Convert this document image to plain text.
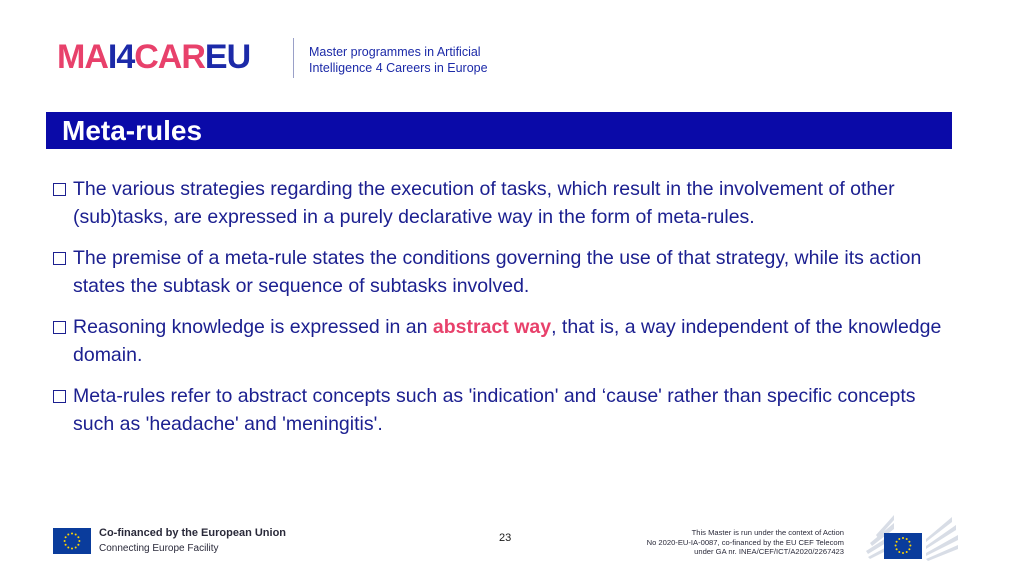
MA I4 CAR EU	Master programmes in Artificial
Intelligence 4 Careers in Europe
Meta-rules
The various strategies regarding the execution of tasks, which result in the involvement of other (sub)tasks, are expressed in a purely declarative way in the form of meta-rules.
The premise of a meta-rule states the conditions governing the use of that strategy, while its action states the subtask or sequence of subtasks involved.
Reasoning knowledge is expressed in an abstract way, that is, a way independent of the knowledge domain.
Meta-rules refer to abstract concepts such as 'indication' and ‘cause' rather than specific concepts such as 'headache' and 'meningitis'.
Co-financed by the European Union
Connecting Europe Facility
23	This Master is run under the context of Action
No 2020-EU-IA-0087, co-financed by the EU CEF Telecom
under GA nr. INEA/CEF/ICT/A2020/2267423
